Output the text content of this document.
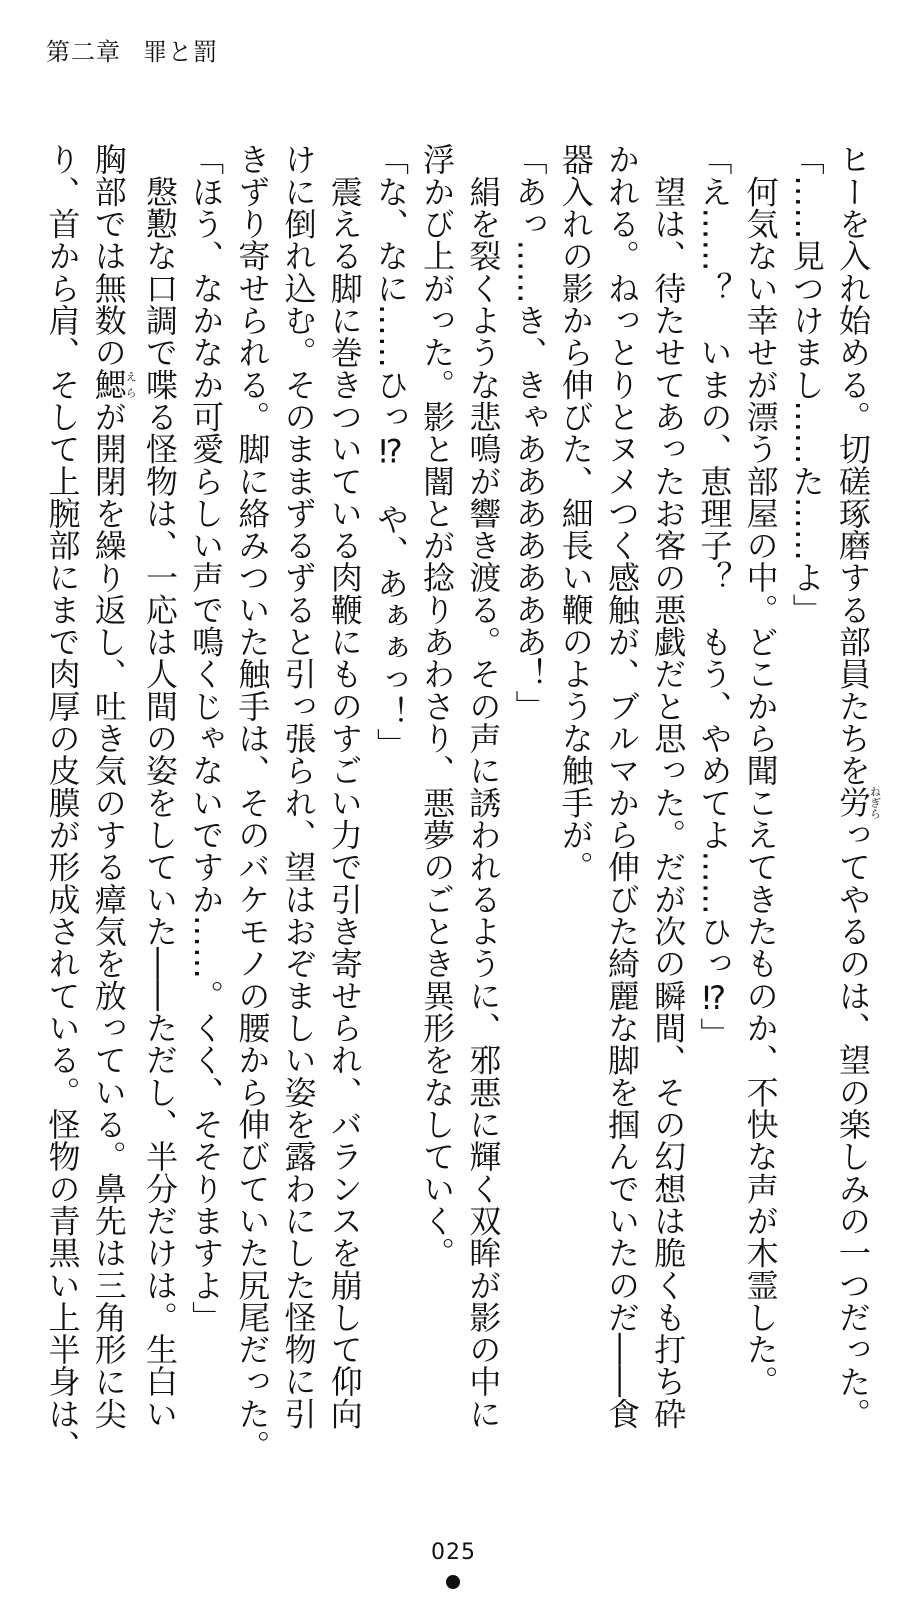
第二章 罪と罰
ヒーを入れ始める。切磋琢磨する部員たちを労ねぎらってやるのは、望の楽しみの一つだった。
「……見つけまし……た……よ」
　何気ない幸せが漂う部屋の中。どこから聞こえてきたものか、不快な声が木霊した。
「え……？　いまの、恵理子？　もう、やめてよ……ひっ⁉」
　望は、待たせてあったお客の悪戯だと思った。だが次の瞬間、その幻想は脆くも打ち砕
かれる。ねっとりとヌメつく感触が、ブルマから伸びた綺麗な脚を掴んでいたのだ――食
器入れの影から伸びた、細長い鞭のような触手が。
「あっ……き、きゃあああああああ！」
　絹を裂くような悲鳴が響き渡る。その声に誘われるように、邪悪に輝く双眸が影の中に
浮かび上がった。影と闇とが捻りあわさり、悪夢のごとき異形をなしていく。
「な、なに……ひっ⁉　や、あぁぁっ！」
　震える脚に巻きついている肉鞭にものすごい力で引き寄せられ、バランスを崩して仰向
けに倒れ込む。そのままずるずると引っ張られ、望はおぞましい姿を露わにした怪物に引
きずり寄せられる。脚に絡みついた触手は、そのバケモノの腰から伸びていた尻尾だった。
「ほう、なかなか可愛らしい声で鳴くじゃないですか……。くく、そそりますよ」
　慇懃な口調で喋る怪物は、一応は人間の姿をしていた――ただし、半分だけは。生白い
胸部では無数の鰓えらが開閉を繰り返し、吐き気のする瘴気を放っている。鼻先は三角形に尖
り、首から肩、そして上腕部にまで肉厚の皮膜が形成されている。怪物の青黒い上半身は、
025
